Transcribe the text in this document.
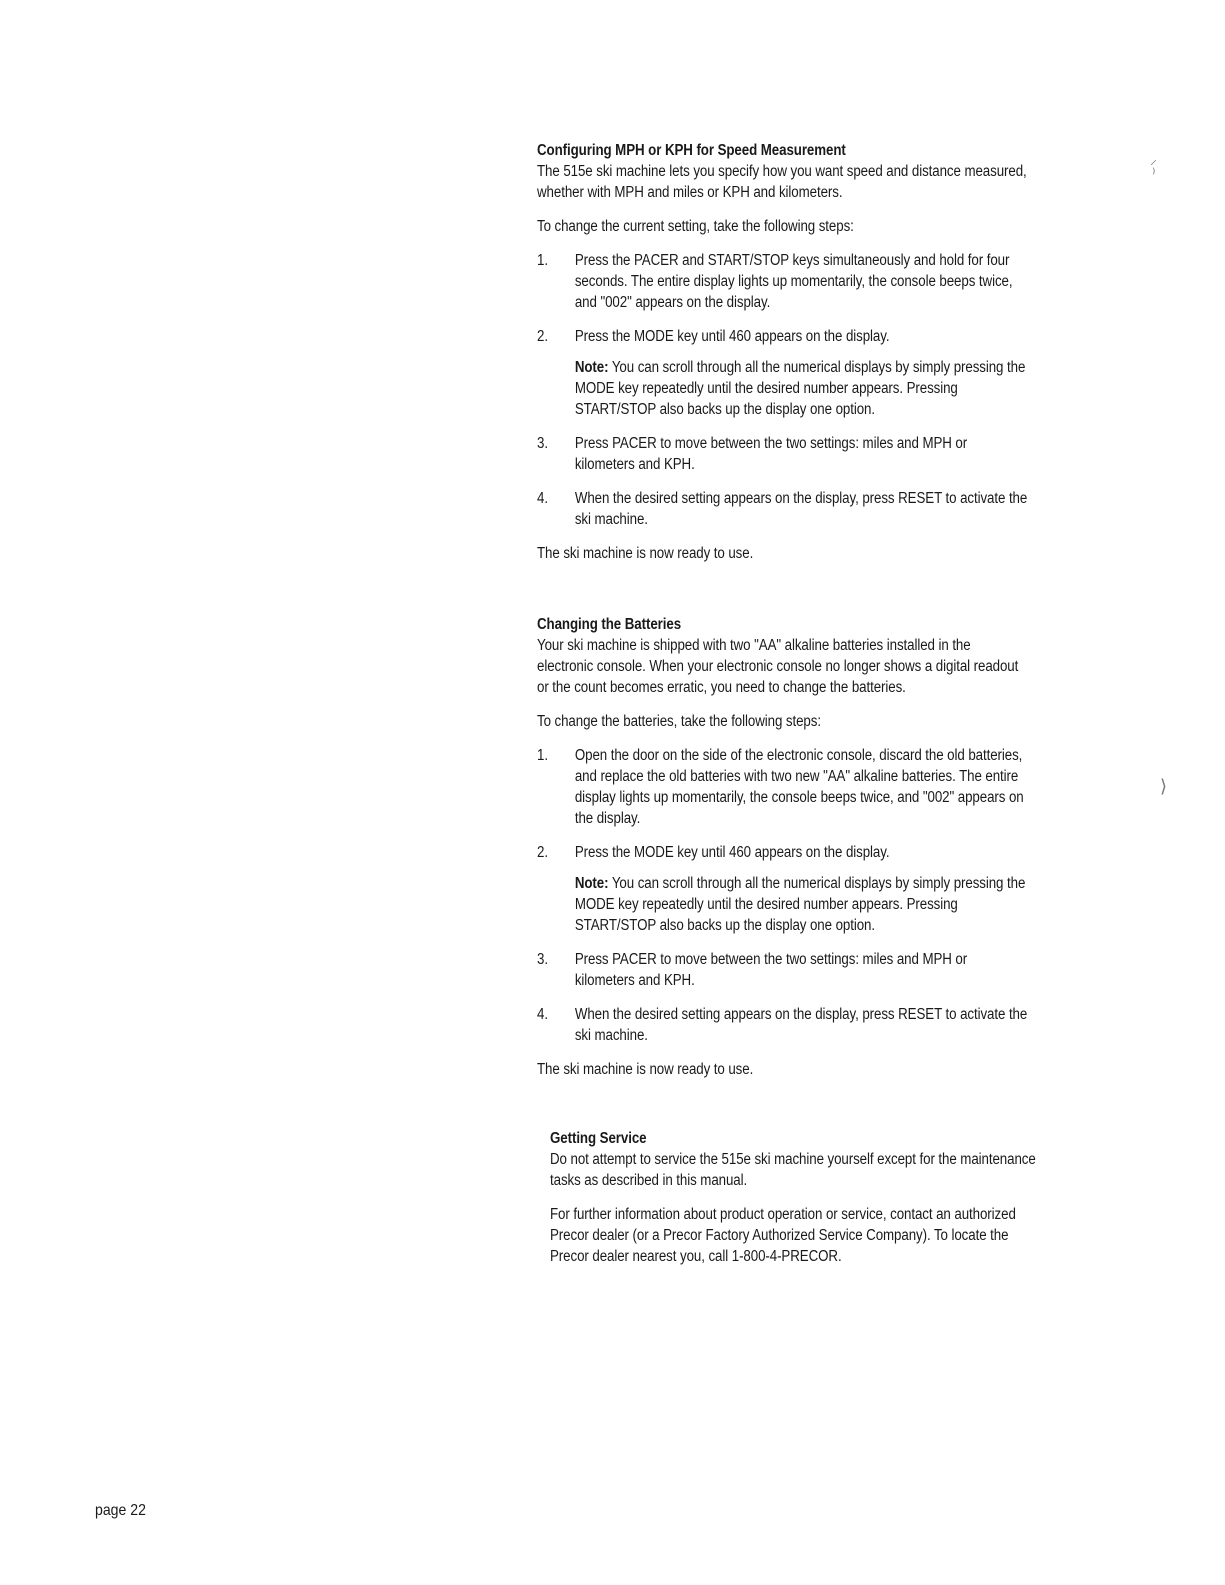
Configuring MPH or KPH for Speed Measurement

The 515e ski machine lets you specify how you want speed and distance measured, whether with MPH and miles or KPH and kilometers.

To change the current setting, take the following steps:

1. Press the PACER and START/STOP keys simultaneously and hold for four seconds. The entire display lights up momentarily, the console beeps twice, and "002" appears on the display.
2. Press the MODE key until 460 appears on the display.
Note: You can scroll through all the numerical displays by simply pressing the MODE key repeatedly until the desired number appears. Pressing START/STOP also backs up the display one option.
3. Press PACER to move between the two settings: miles and MPH or kilometers and KPH.
4. When the desired setting appears on the display, press RESET to activate the ski machine.

The ski machine is now ready to use.

Changing the Batteries

Your ski machine is shipped with two "AA" alkaline batteries installed in the electronic console. When your electronic console no longer shows a digital readout or the count becomes erratic, you need to change the batteries.

To change the batteries, take the following steps:

1. Open the door on the side of the electronic console, discard the old batteries, and replace the old batteries with two new "AA" alkaline batteries. The entire display lights up momentarily, the console beeps twice, and "002" appears on the display.
2. Press the MODE key until 460 appears on the display.
Note: You can scroll through all the numerical displays by simply pressing the MODE key repeatedly until the desired number appears. Pressing START/STOP also backs up the display one option.
3. Press PACER to move between the two settings: miles and MPH or kilometers and KPH.
4. When the desired setting appears on the display, press RESET to activate the ski machine.

The ski machine is now ready to use.

Getting Service

Do not attempt to service the 515e ski machine yourself except for the maintenance tasks as described in this manual.

For further information about product operation or service, contact an authorized Precor dealer (or a Precor Factory Authorized Service Company). To locate the Precor dealer nearest you, call 1-800-4-PRECOR.

page 22
⸝
⁾
⟩
